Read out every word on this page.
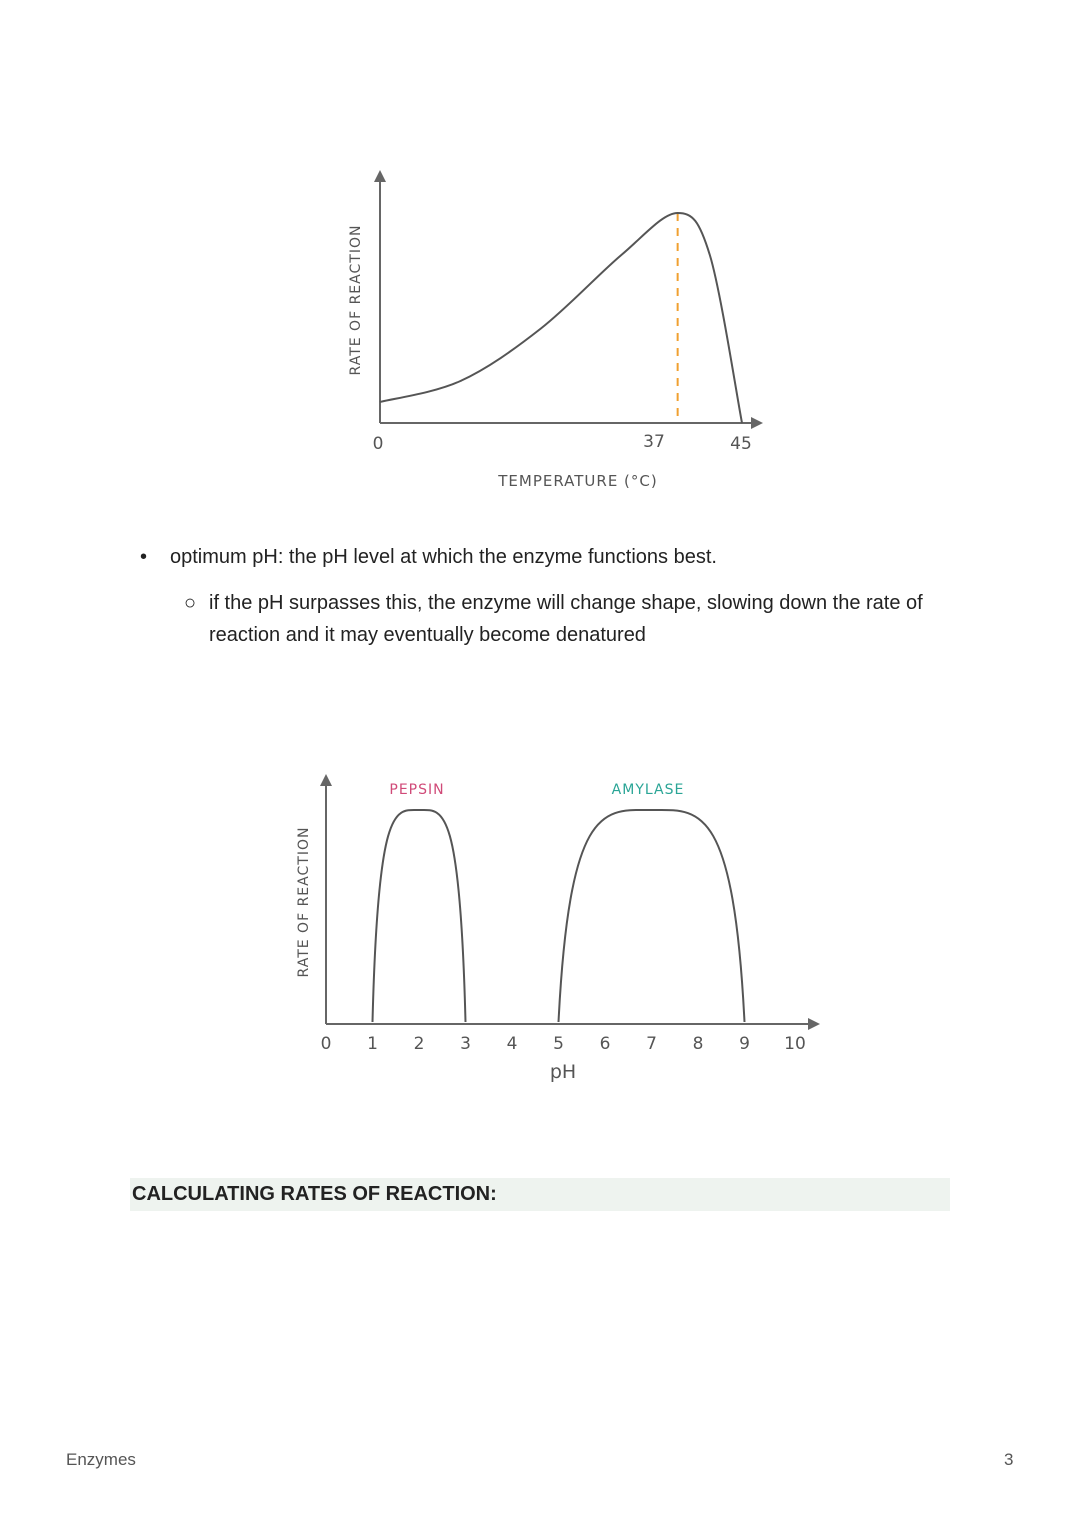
RATE OF REACTION
0	37	45
TEMPERATURE (°C)
• optimum pH: the pH level at which the enzyme functions best.
○ if the pH surpasses this, the enzyme will change shape, slowing down the rate of reaction and it may eventually become denatured
PEPSIN	AMYLASE
RATE OF REACTION
0 1 2 3 4 5 6 7 8 9 10
pH
CALCULATING RATES OF REACTION:
Enzymes	3
